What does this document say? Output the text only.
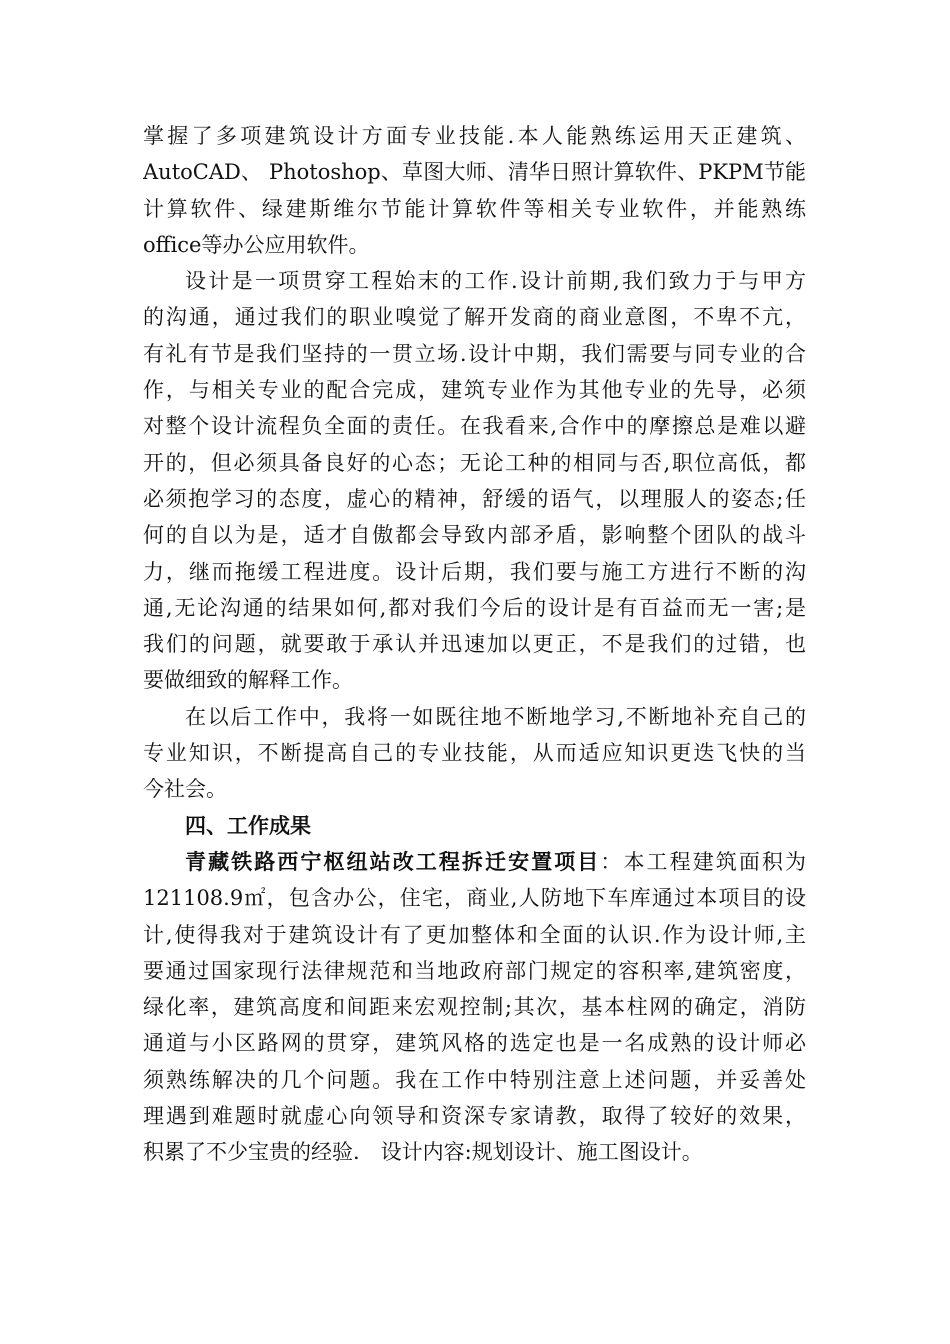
掌握了多项建筑设计方面专业技能.本人能熟练运用天正建筑、
AutoCAD、 Photoshop、草图大师、清华日照计算软件、PKPM节能
计算软件、绿建斯维尔节能计算软件等相关专业软件，并能熟练
office等办公应用软件。
设计是一项贯穿工程始末的工作.设计前期,我们致力于与甲方
的沟通，通过我们的职业嗅觉了解开发商的商业意图，不卑不亢，
有礼有节是我们坚持的一贯立场.设计中期，我们需要与同专业的合
作，与相关专业的配合完成，建筑专业作为其他专业的先导，必须
对整个设计流程负全面的责任。在我看来,合作中的摩擦总是难以避
开的，但必须具备良好的心态；无论工种的相同与否,职位高低，都
必须抱学习的态度，虚心的精神，舒缓的语气，以理服人的姿态;任
何的自以为是，适才自傲都会导致内部矛盾，影响整个团队的战斗
力，继而拖缓工程进度。设计后期，我们要与施工方进行不断的沟
通,无论沟通的结果如何,都对我们今后的设计是有百益而无一害;是
我们的问题，就要敢于承认并迅速加以更正，不是我们的过错，也
要做细致的解释工作。
在以后工作中，我将一如既往地不断地学习,不断地补充自己的
专业知识，不断提高自己的专业技能，从而适应知识更迭飞快的当
今社会。
四、工作成果
青藏铁路西宁枢纽站改工程拆迁安置项目：本工程建筑面积为
121108.9㎡，包含办公，住宅，商业,人防地下车库通过本项目的设
计,使得我对于建筑设计有了更加整体和全面的认识.作为设计师,主
要通过国家现行法律规范和当地政府部门规定的容积率,建筑密度，
绿化率，建筑高度和间距来宏观控制;其次，基本柱网的确定，消防
通道与小区路网的贯穿，建筑风格的选定也是一名成熟的设计师必
须熟练解决的几个问题。我在工作中特别注意上述问题，并妥善处
理遇到难题时就虚心向领导和资深专家请教，取得了较好的效果，
积累了不少宝贵的经验.　设计内容:规划设计、施工图设计。
